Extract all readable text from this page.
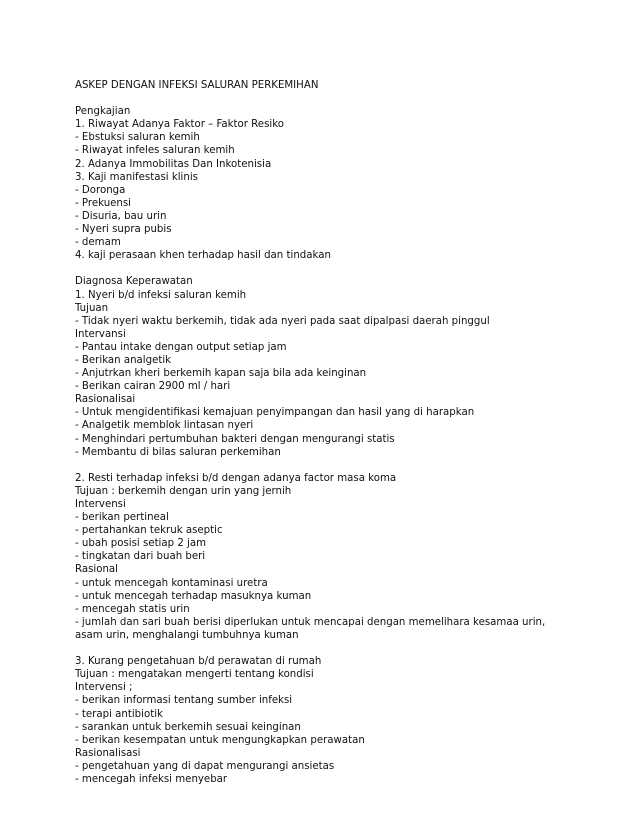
ASKEP DENGAN INFEKSI SALURAN PERKEMIHAN
Pengkajian
1. Riwayat Adanya Faktor – Faktor Resiko
- Ebstuksi saluran kemih
- Riwayat infeles saluran kemih
2. Adanya Immobilitas Dan Inkotenisia
3. Kaji manifestasi klinis
- Doronga
- Prekuensi
- Disuria, bau urin
- Nyeri supra pubis
- demam
4. kaji perasaan khen terhadap hasil dan tindakan
Diagnosa Keperawatan
1. Nyeri b/d infeksi saluran kemih
Tujuan
- Tidak nyeri waktu berkemih, tidak ada nyeri pada saat dipalpasi daerah pinggul
Intervansi
- Pantau intake dengan output setiap jam
- Berikan analgetik
- Anjutrkan kheri berkemih kapan saja bila ada keinginan
- Berikan cairan 2900 ml / hari
Rasionalisai
- Untuk mengidentifikasi kemajuan penyimpangan dan hasil yang di harapkan
- Analgetik memblok lintasan nyeri
- Menghindari pertumbuhan bakteri dengan mengurangi statis
- Membantu di bilas saluran perkemihan
2. Resti terhadap infeksi b/d dengan adanya factor masa koma
Tujuan : berkemih dengan urin yang jernih
Intervensi
- berikan pertineal
- pertahankan tekruk aseptic
- ubah posisi setiap 2 jam
- tingkatan dari buah beri
Rasional
- untuk mencegah kontaminasi uretra
- untuk mencegah terhadap masuknya kuman
- mencegah statis urin
- jumlah dan sari buah berisi diperlukan untuk mencapai dengan memelihara kesamaa urin, asam urin, menghalangi tumbuhnya kuman
3. Kurang pengetahuan b/d perawatan di rumah
Tujuan : mengatakan mengerti tentang kondisi
Intervensi ;
- berikan informasi tentang sumber infeksi
- terapi antibiotik
- sarankan untuk berkemih sesuai keinginan
- berikan kesempatan untuk mengungkapkan perawatan
Rasionalisasi
- pengetahuan yang di dapat mengurangi ansietas
- mencegah infeksi menyebar
